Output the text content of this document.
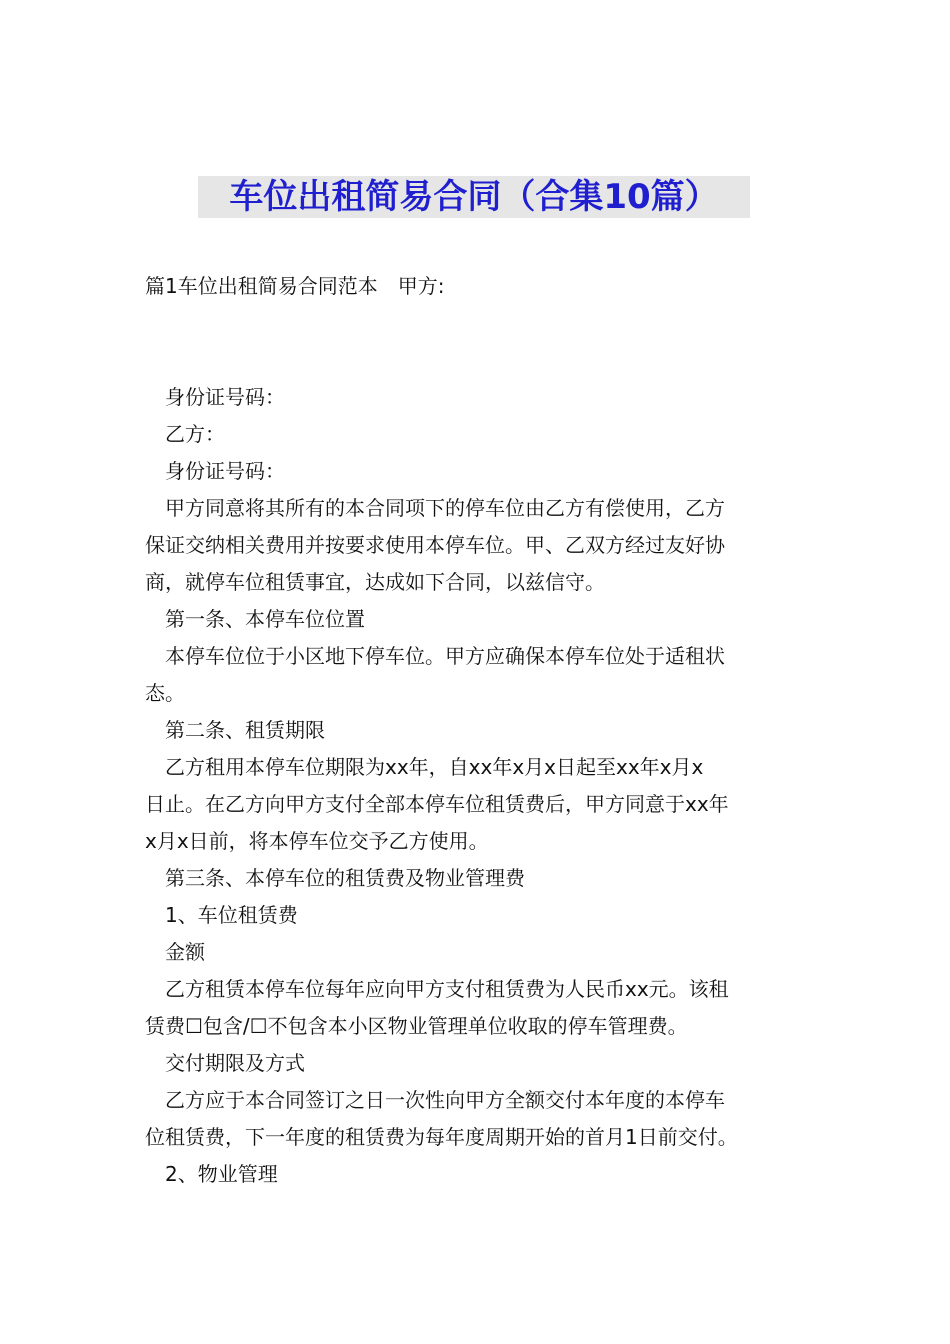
车位出租简易合同（合集10篇）
篇1车位出租简易合同范本　甲方:
身份证号码：
乙方：
身份证号码：
甲方同意将其所有的本合同项下的停车位由乙方有偿使用，乙方
保证交纳相关费用并按要求使用本停车位。甲、乙双方经过友好协
商，就停车位租赁事宜，达成如下合同，以兹信守。
第一条、本停车位位置
本停车位位于小区地下停车位。甲方应确保本停车位处于适租状
态。
第二条、租赁期限
乙方租用本停车位期限为xx年，自xx年x月x日起至xx年x月x
日止。在乙方向甲方支付全部本停车位租赁费后，甲方同意于xx年
x月x日前，将本停车位交予乙方使用。
第三条、本停车位的租赁费及物业管理费
1、车位租赁费
金额
乙方租赁本停车位每年应向甲方支付租赁费为人民币xx元。该租
赁费☐包含/☐不包含本小区物业管理单位收取的停车管理费。
交付期限及方式
乙方应于本合同签订之日一次性向甲方全额交付本年度的本停车
位租赁费，下一年度的租赁费为每年度周期开始的首月1日前交付。
2、物业管理
